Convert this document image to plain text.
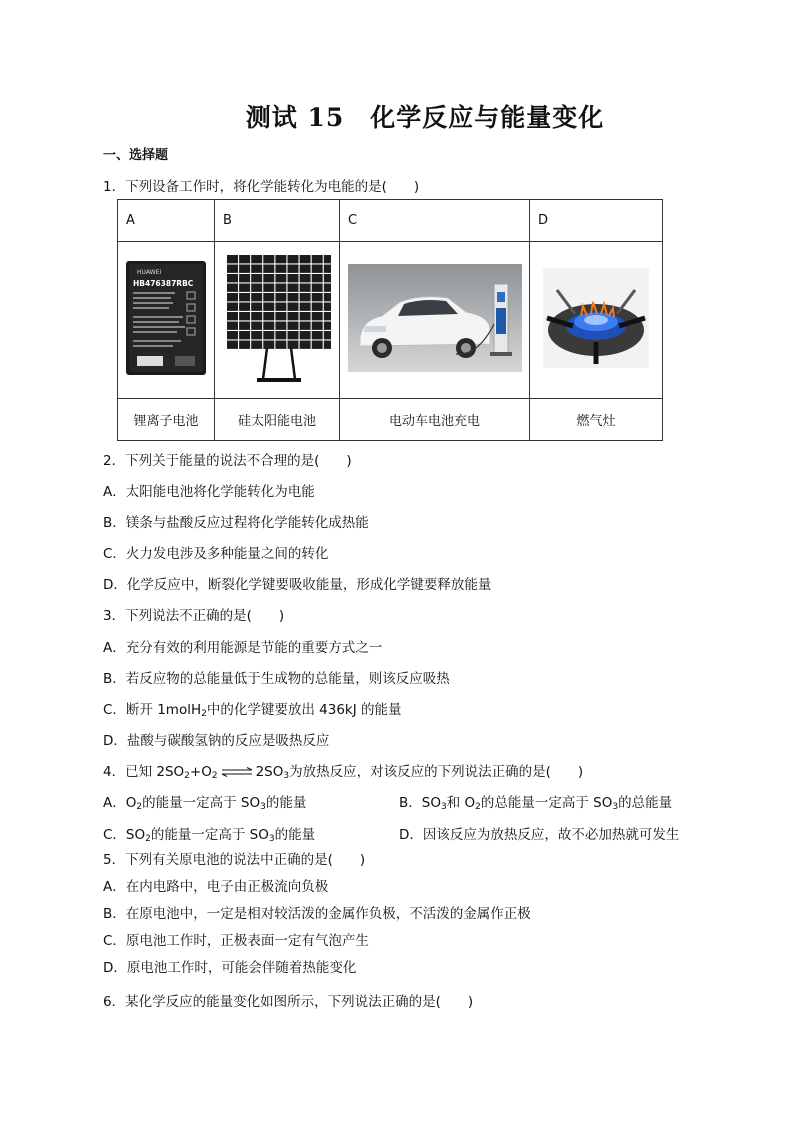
测试 15　化学反应与能量变化
一、选择题
1．下列设备工作时，将化学能转化为电能的是(　　)
A	B	C	D

HUAWEI
HB476387RBC

锂离子电池	硅太阳能电池	电动车电池充电	燃气灶
2．下列关于能量的说法不合理的是(　　)
A．太阳能电池将化学能转化为电能
B．镁条与盐酸反应过程将化学能转化成热能
C．火力发电涉及多种能量之间的转化
D．化学反应中，断裂化学键要吸收能量，形成化学键要释放能量
3．下列说法不正确的是(　　)
A．充分有效的利用能源是节能的重要方式之一
B．若反应物的总能量低于生成物的总能量，则该反应吸热
C．断开 1molH$_2$中的化学键要放出 436kJ 的能量
D．盐酸与碳酸氢钠的反应是吸热反应
4．已知 $2SO_2+O_2$ ⇌ $2SO_3$为放热反应，对该反应的下列说法正确的是(　　)
A．$O_2$的能量一定高于 $SO_3$的能量	B．$SO_3$和 $O_2$的总能量一定高于 $SO_3$的总能量
C．$SO_2$的能量一定高于 $SO_3$的能量	D．因该反应为放热反应，故不必加热就可发生
5．下列有关原电池的说法中正确的是(　　)
A．在内电路中，电子由正极流向负极
B．在原电池中，一定是相对较活泼的金属作负极，不活泼的金属作正极
C．原电池工作时，正极表面一定有气泡产生
D．原电池工作时，可能会伴随着热能变化
6．某化学反应的能量变化如图所示，下列说法正确的是(　　)
